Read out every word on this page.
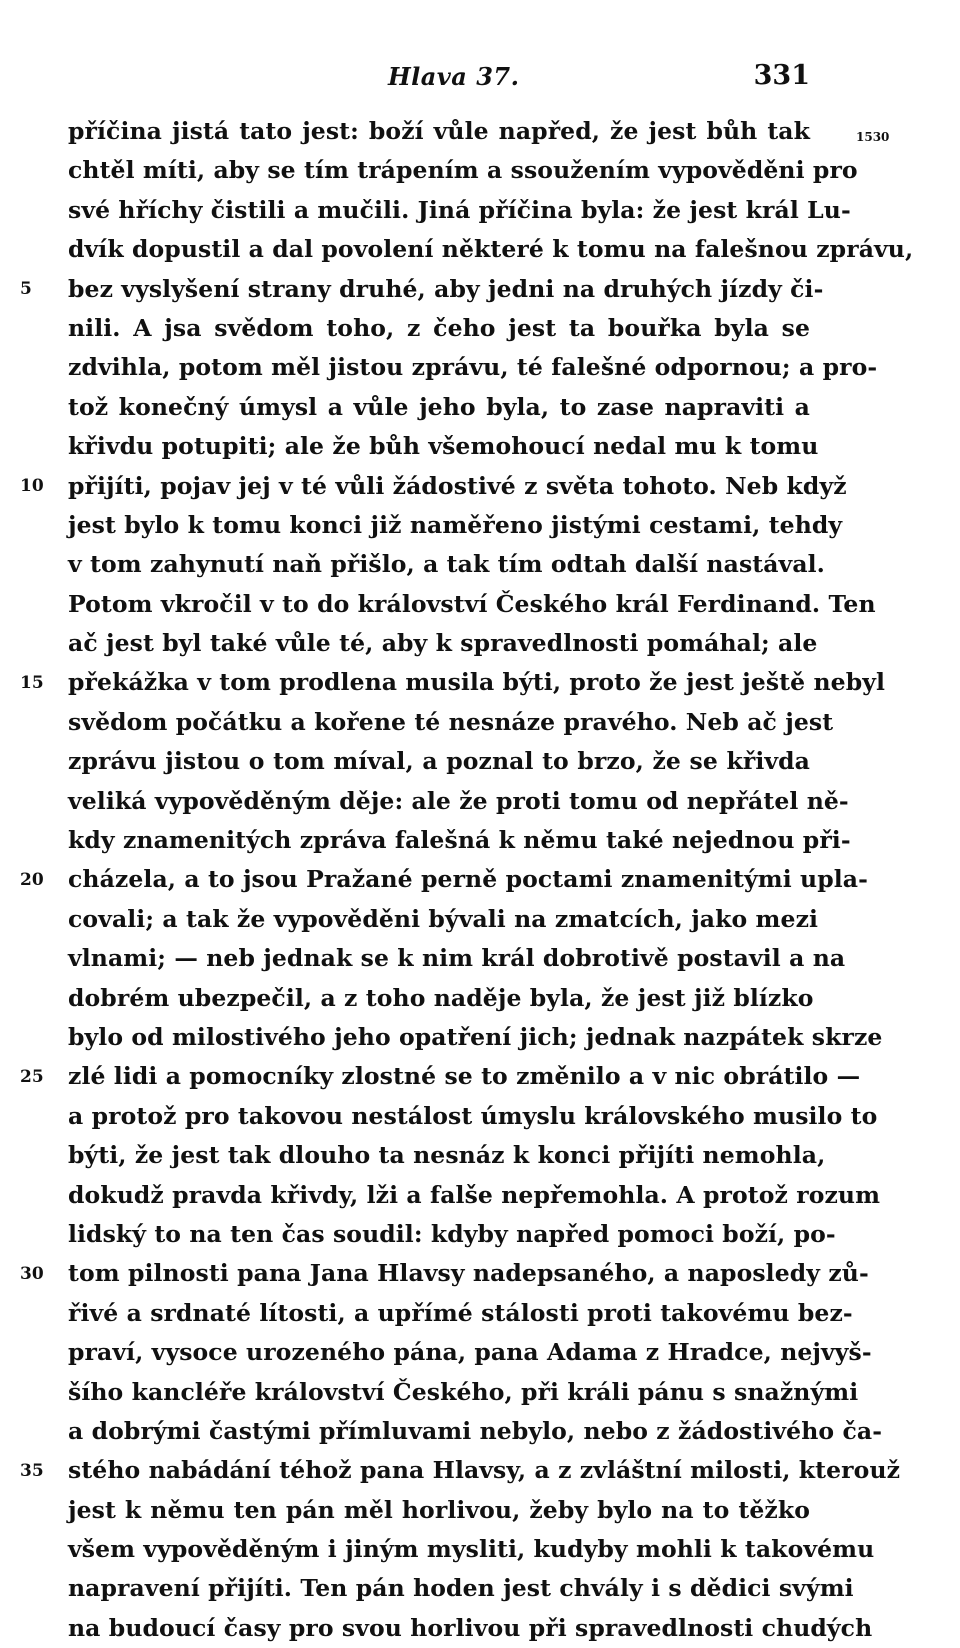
Hlava 37.	331
1530
5
10
15
20
25
30
35
příčina jistá tato jest: boží vůle napřed, že jest bůh tak
chtěl míti, aby se tím trápením a ssoužením vypověděni pro
své hříchy čistili a mučili. Jiná příčina byla: že jest král Lu-
dvík dopustil a dal povolení některé k tomu na falešnou zprávu,
bez vyslyšení strany druhé, aby jedni na druhých jízdy či-
nili. A jsa svědom toho, z čeho jest ta bouřka byla se
zdvihla, potom měl jistou zprávu, té falešné odpornou; a pro-
tož konečný úmysl a vůle jeho byla, to zase napraviti a
křivdu potupiti; ale že bůh všemohoucí nedal mu k tomu
přijíti, pojav jej v té vůli žádostivé z světa tohoto. Neb když
jest bylo k tomu konci již naměřeno jistými cestami, tehdy
v tom zahynutí naň přišlo, a tak tím odtah další nastával.
Potom vkročil v to do království Českého král Ferdinand. Ten
ač jest byl také vůle té, aby k spravedlnosti pomáhal; ale
překážka v tom prodlena musila býti, proto že jest ještě nebyl
svědom počátku a kořene té nesnáze pravého. Neb ač jest
zprávu jistou o tom míval, a poznal to brzo, že se křivda
veliká vypověděným děje: ale že proti tomu od nepřátel ně-
kdy znamenitých zpráva falešná k němu také nejednou při-
cházela, a to jsou Pražané perně poctami znamenitými upla-
covali; a tak že vypověděni bývali na zmatcích, jako mezi
vlnami; — neb jednak se k nim král dobrotivě postavil a na
dobrém ubezpečil, a z toho naděje byla, že jest již blízko
bylo od milostivého jeho opatření jich; jednak nazpátek skrze
zlé lidi a pomocníky zlostné se to změnilo a v nic obrátilo —
a protož pro takovou nestálost úmyslu královského musilo to
býti, že jest tak dlouho ta nesnáz k konci přijíti nemohla,
dokudž pravda křivdy, lži a falše nepřemohla. A protož rozum
lidský to na ten čas soudil: kdyby napřed pomoci boží, po-
tom pilnosti pana Jana Hlavsy nadepsaného, a naposledy zů-
řivé a srdnaté lítosti, a upřímé stálosti proti takovému bez-
praví, vysoce urozeného pána, pana Adama z Hradce, nejvyš-
šího kancléře království Českého, při králi pánu s snažnými
a dobrými častými přímluvami nebylo, nebo z žádostivého ča-
stého nabádání téhož pana Hlavsy, a z zvláštní milosti, kterouž
jest k němu ten pán měl horlivou, žeby bylo na to těžko
všem vypověděným i jiným mysliti, kudyby mohli k takovému
napravení přijíti. Ten pán hoden jest chvály i s dědici svými
na budoucí časy pro svou horlivou při spravedlnosti chudých
